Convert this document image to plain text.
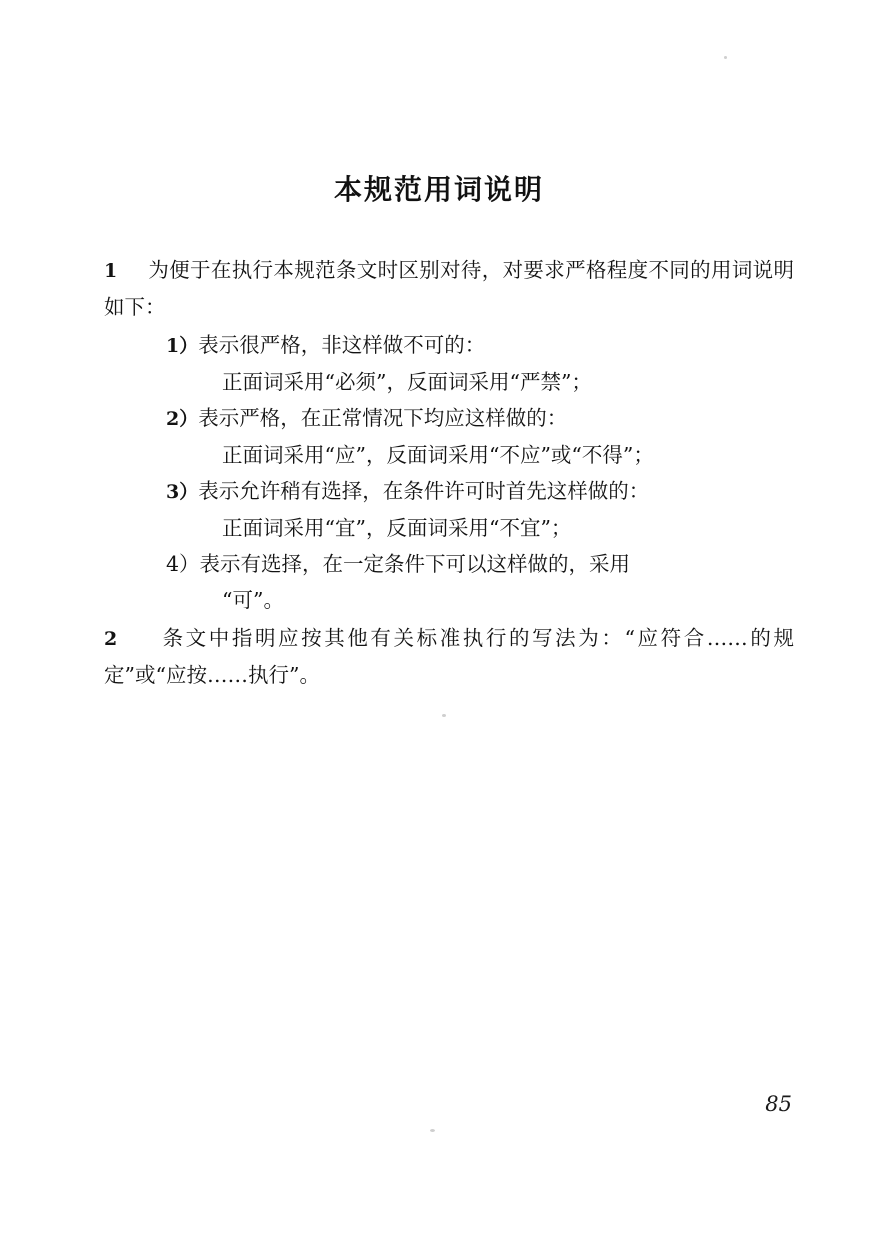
本规范用词说明

1 为便于在执行本规范条文时区别对待，对要求严格程度不同的用词说明如下：

1）表示很严格，非这样做不可的：
正面词采用“必须”，反面词采用“严禁”；
2）表示严格，在正常情况下均应这样做的：
正面词采用“应”，反面词采用“不应”或“不得”；
3）表示允许稍有选择，在条件许可时首先这样做的：
正面词采用“宜”，反面词采用“不宜”；
4）表示有选择，在一定条件下可以这样做的，采用
“可”。

2 条文中指明应按其他有关标准执行的写法为：“应符合……的规定”或“应按……执行”。

85
